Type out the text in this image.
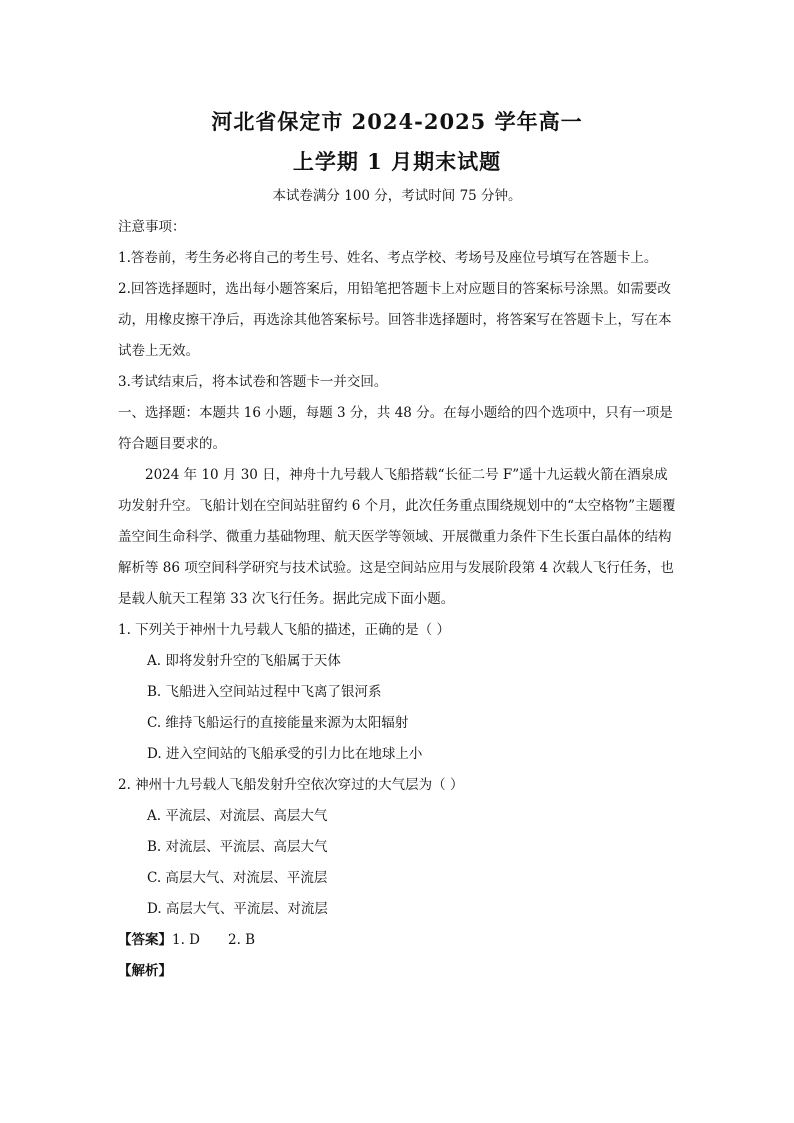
河北省保定市 2024-2025 学年高一
上学期 1 月期末试题
本试卷满分 100 分，考试时间 75 分钟。

注意事项：

1.答卷前，考生务必将自己的考生号、姓名、考点学校、考场号及座位号填写在答题卡上。

2.回答选择题时，选出每小题答案后，用铅笔把答题卡上对应题目的答案标号涂黑。如需要改动，用橡皮擦干净后，再选涂其他答案标号。回答非选择题时，将答案写在答题卡上，写在本试卷上无效。

3.考试结束后，将本试卷和答题卡一并交回。

一、选择题：本题共 16 小题，每题 3 分，共 48 分。在每小题给的四个选项中，只有一项是符合题目要求的。

2024 年 10 月 30 日，神舟十九号载人飞船搭载“长征二号 F”遥十九运载火箭在酒泉成功发射升空。飞船计划在空间站驻留约 6 个月，此次任务重点围绕规划中的“太空格物”主题覆盖空间生命科学、微重力基础物理、航天医学等领域、开展微重力条件下生长蛋白晶体的结构解析等 86 项空间科学研究与技术试验。这是空间站应用与发展阶段第 4 次载人飞行任务，也是载人航天工程第 33 次飞行任务。据此完成下面小题。

1. 下列关于神州十九号载人飞船的描述，正确的是（ ）

A. 即将发射升空的飞船属于天体

B. 飞船进入空间站过程中飞离了银河系

C. 维持飞船运行的直接能量来源为太阳辐射

D. 进入空间站的飞船承受的引力比在地球上小

2. 神州十九号载人飞船发射升空依次穿过的大气层为（ ）

A. 平流层、对流层、高层大气

B. 对流层、平流层、高层大气

C. 高层大气、对流层、平流层

D. 高层大气、平流层、对流层

【答案】1. D 2. B

【解析】
